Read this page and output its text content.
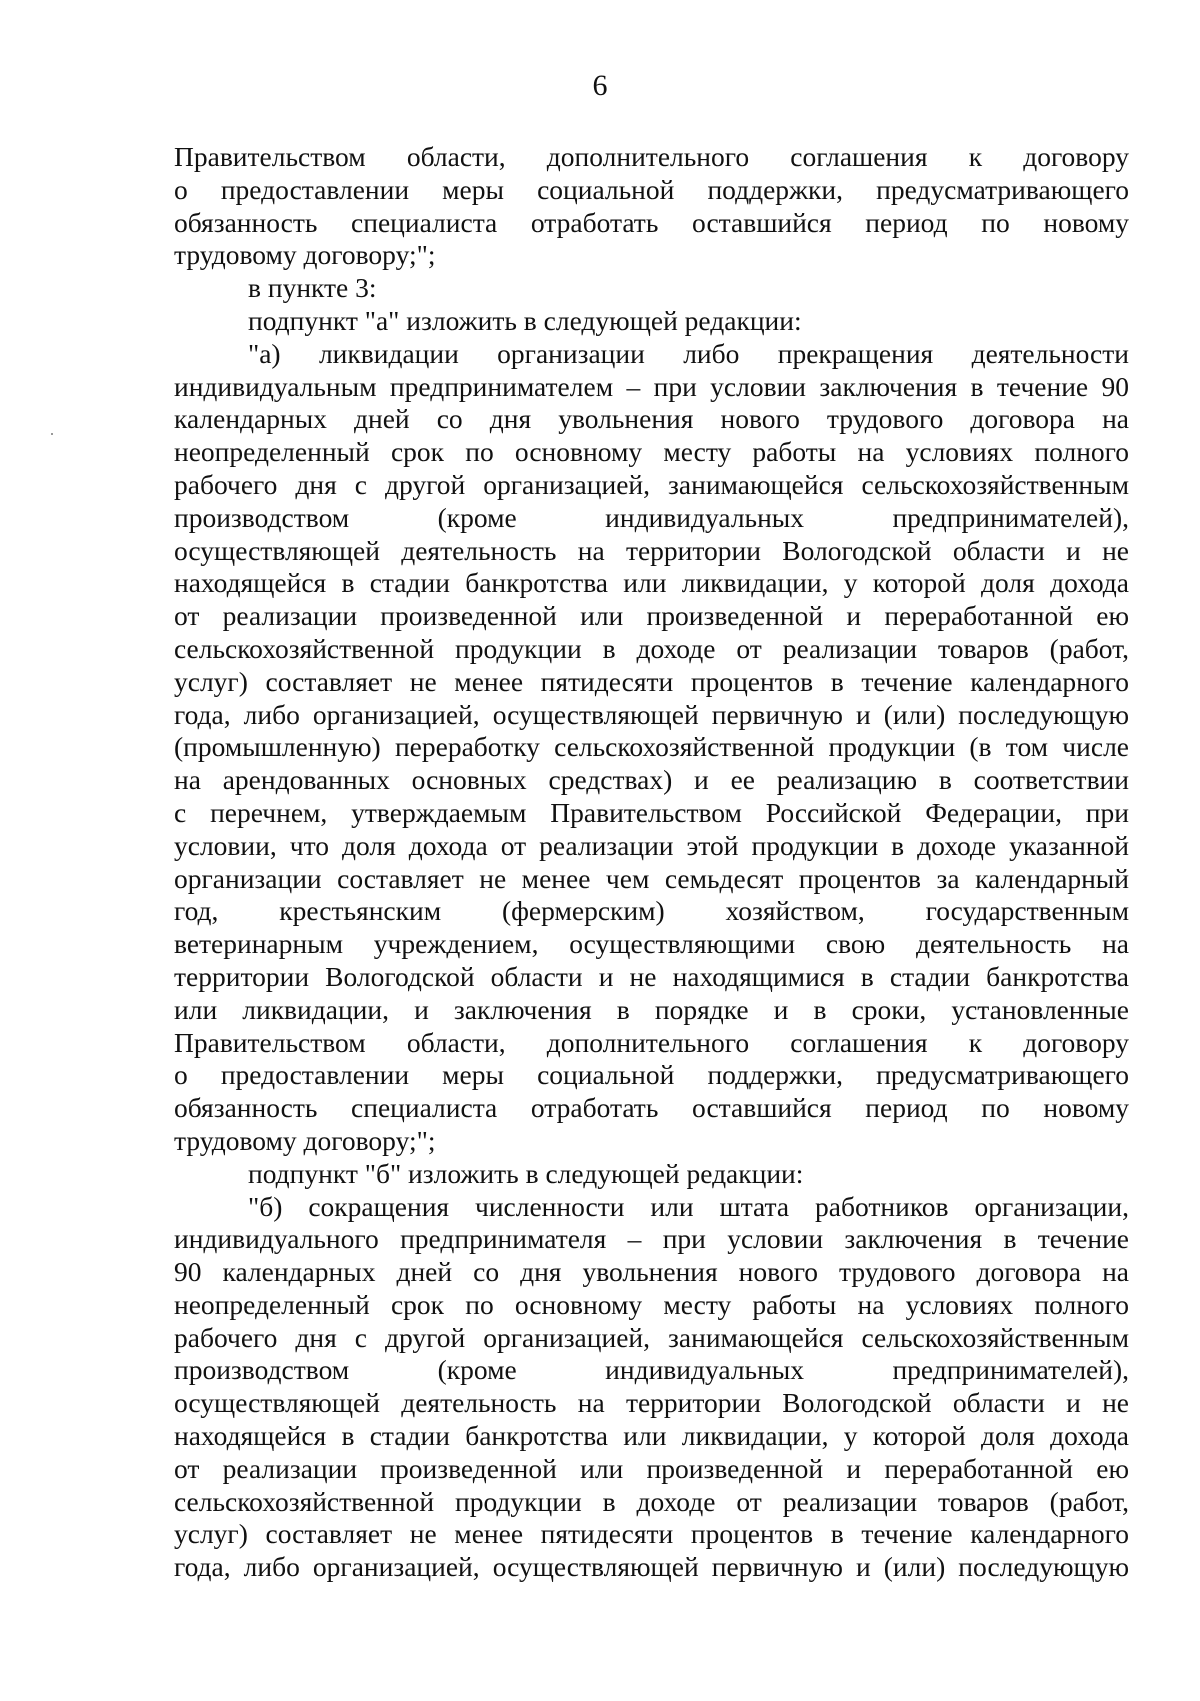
6

Правительством области, дополнительного соглашения к договору

о предоставлении меры социальной поддержки, предусматривающего

обязанность специалиста отработать оставшийся период по новому

трудовому договору;";

в пункте 3:

подпункт "а" изложить в следующей редакции:

"а) ликвидации организации либо прекращения деятельности

индивидуальным предпринимателем – при условии заключения в течение 90

календарных дней со дня увольнения нового трудового договора на

неопределенный срок по основному месту работы на условиях полного

рабочего дня с другой организацией, занимающейся сельскохозяйственным

производством (кроме индивидуальных предпринимателей),

осуществляющей деятельность на территории Вологодской области и не

находящейся в стадии банкротства или ликвидации, у которой доля дохода

от реализации произведенной или произведенной и переработанной ею

сельскохозяйственной продукции в доходе от реализации товаров (работ,

услуг) составляет не менее пятидесяти процентов в течение календарного

года, либо организацией, осуществляющей первичную и (или) последующую

(промышленную) переработку сельскохозяйственной продукции (в том числе

на арендованных основных средствах) и ее реализацию в соответствии

с перечнем, утверждаемым Правительством Российской Федерации, при

условии, что доля дохода от реализации этой продукции в доходе указанной

организации составляет не менее чем семьдесят процентов за календарный

год, крестьянским (фермерским) хозяйством, государственным

ветеринарным учреждением, осуществляющими свою деятельность на

территории Вологодской области и не находящимися в стадии банкротства

или ликвидации, и заключения в порядке и в сроки, установленные

Правительством области, дополнительного соглашения к договору

о предоставлении меры социальной поддержки, предусматривающего

обязанность специалиста отработать оставшийся период по новому

трудовому договору;";

подпункт "б" изложить в следующей редакции:

"б) сокращения численности или штата работников организации,

индивидуального предпринимателя – при условии заключения в течение

90 календарных дней со дня увольнения нового трудового договора на

неопределенный срок по основному месту работы на условиях полного

рабочего дня с другой организацией, занимающейся сельскохозяйственным

производством (кроме индивидуальных предпринимателей),

осуществляющей деятельность на территории Вологодской области и не

находящейся в стадии банкротства или ликвидации, у которой доля дохода

от реализации произведенной или произведенной и переработанной ею

сельскохозяйственной продукции в доходе от реализации товаров (работ,

услуг) составляет не менее пятидесяти процентов в течение календарного

года, либо организацией, осуществляющей первичную и (или) последующую
